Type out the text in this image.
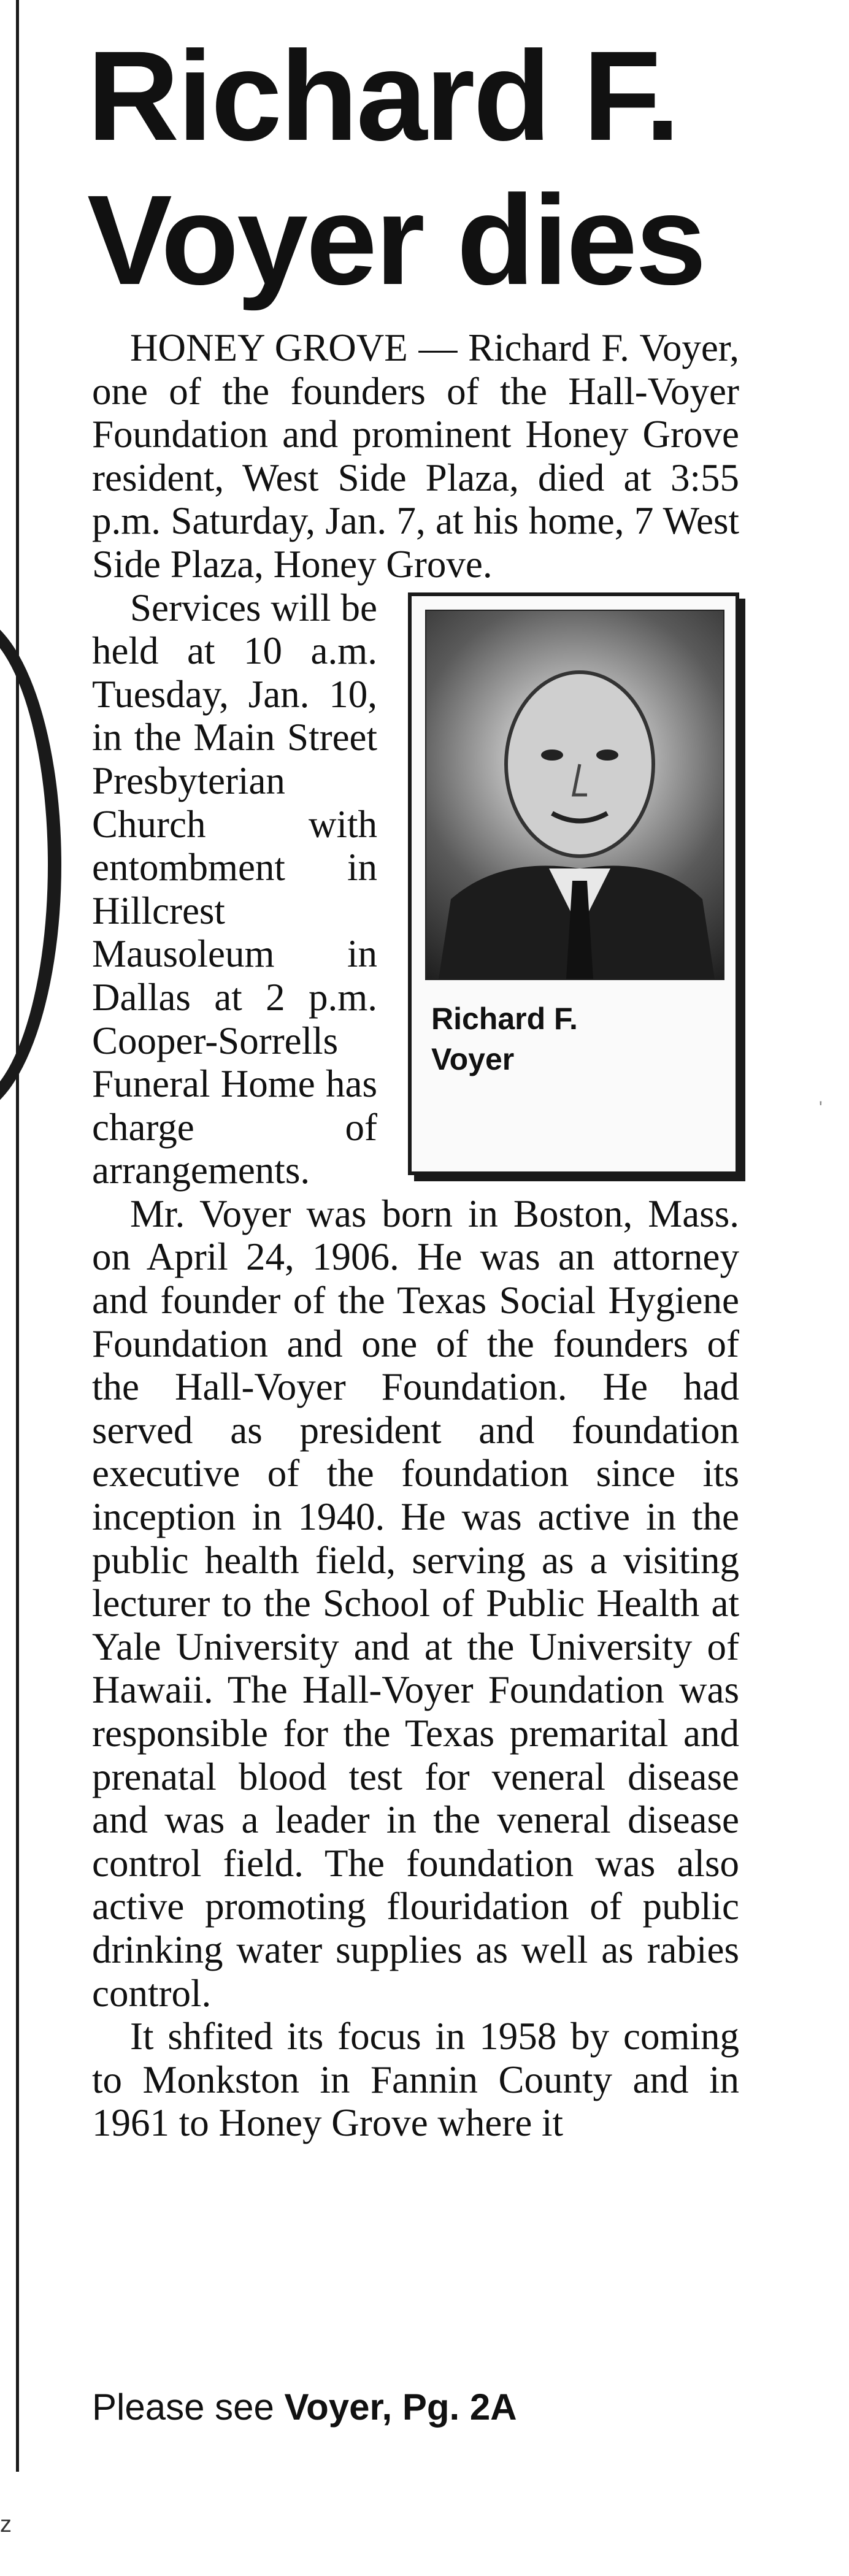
z
'
Richard F.
Voyer dies

HONEY GROVE — Richard F. Voyer, one of the founders of the Hall-Voyer Foundation and prominent Honey Grove resident, West Side Plaza, died at 3:55 p.m. Saturday, Jan. 7, at his home, 7 West Side Plaza, Honey Grove.

Richard F.
Voyer

Services will be held at 10 a.m. Tuesday, Jan. 10, in the Main Street Presbyterian Church with entombment in Hillcrest Mausoleum in Dallas at 2 p.m. Cooper-Sorrells Funeral Home has charge of arrangements.

Mr. Voyer was born in Boston, Mass. on April 24, 1906. He was an attorney and founder of the Texas Social Hygiene Foundation and one of the founders of the Hall-Voyer Foundation. He had served as president and foundation executive of the foundation since its inception in 1940. He was active in the public health field, serving as a visiting lecturer to the School of Public Health at Yale University and at the University of Hawaii. The Hall-Voyer Foundation was responsible for the Texas premarital and prenatal blood test for veneral disease and was a leader in the veneral disease control field. The foundation was also active promoting flouridation of public drinking water supplies as well as rabies control.

It shfited its focus in 1958 by coming to Monkston in Fannin County and in 1961 to Honey Grove where it

Please see Voyer, Pg. 2A
